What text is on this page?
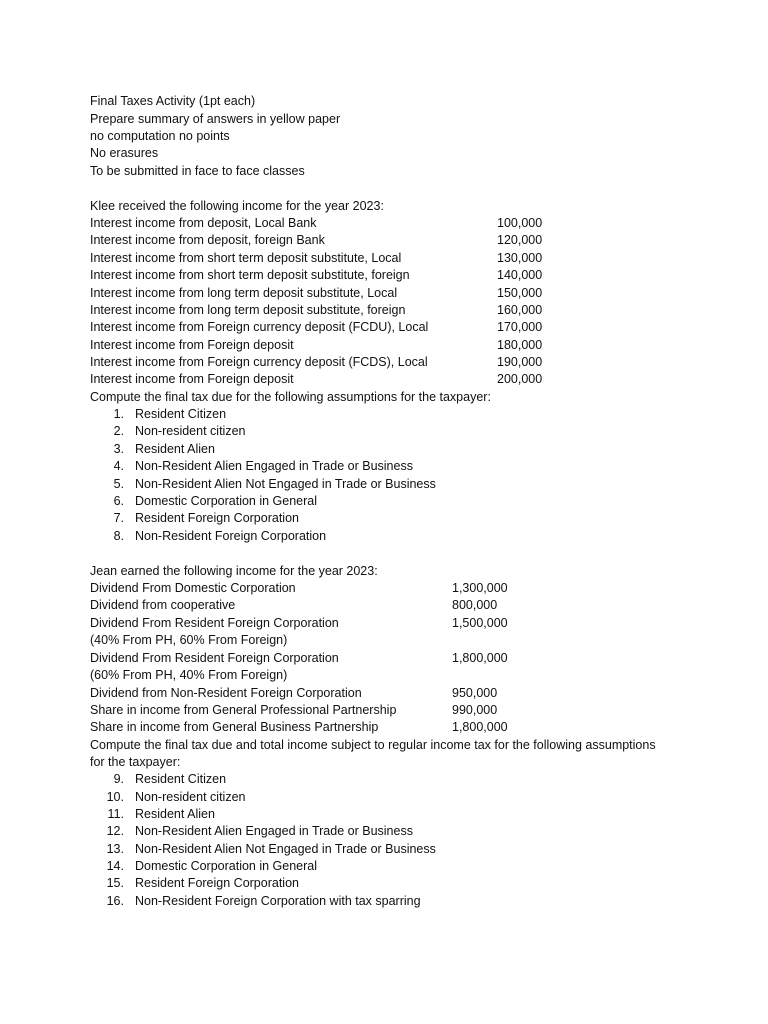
Final Taxes Activity (1pt each)
Prepare summary of answers in yellow paper
no computation no points
No erasures
To be submitted in face to face classes
Klee received the following income for the year 2023:
Interest income from deposit, Local Bank	100,000
Interest income from deposit, foreign Bank	120,000
Interest income from short term deposit substitute, Local	130,000
Interest income from short term deposit substitute, foreign	140,000
Interest income from long term deposit substitute, Local	150,000
Interest income from long term deposit substitute, foreign	160,000
Interest income from Foreign currency deposit (FCDU), Local	170,000
Interest income from Foreign deposit	180,000
Interest income from Foreign currency deposit (FCDS), Local	190,000
Interest income from Foreign deposit	200,000
Compute the final tax due for the following assumptions for the taxpayer:
1. Resident Citizen
2. Non-resident citizen
3. Resident Alien
4. Non-Resident Alien Engaged in Trade or Business
5. Non-Resident Alien Not Engaged in Trade or Business
6. Domestic Corporation in General
7. Resident Foreign Corporation
8. Non-Resident Foreign Corporation
Jean earned the following income for the year 2023:
Dividend From Domestic Corporation	1,300,000
Dividend from cooperative	800,000
Dividend From Resident Foreign Corporation	1,500,000
(40% From PH, 60% From Foreign)
Dividend From Resident Foreign Corporation	1,800,000
(60% From PH, 40% From Foreign)
Dividend from Non-Resident Foreign Corporation	950,000
Share in income from General Professional Partnership	990,000
Share in income from General Business Partnership	1,800,000
Compute the final tax due and total income subject to regular income tax for the following assumptions
for the taxpayer:
9. Resident Citizen
10. Non-resident citizen
11. Resident Alien
12. Non-Resident Alien Engaged in Trade or Business
13. Non-Resident Alien Not Engaged in Trade or Business
14. Domestic Corporation in General
15. Resident Foreign Corporation
16. Non-Resident Foreign Corporation with tax sparring
